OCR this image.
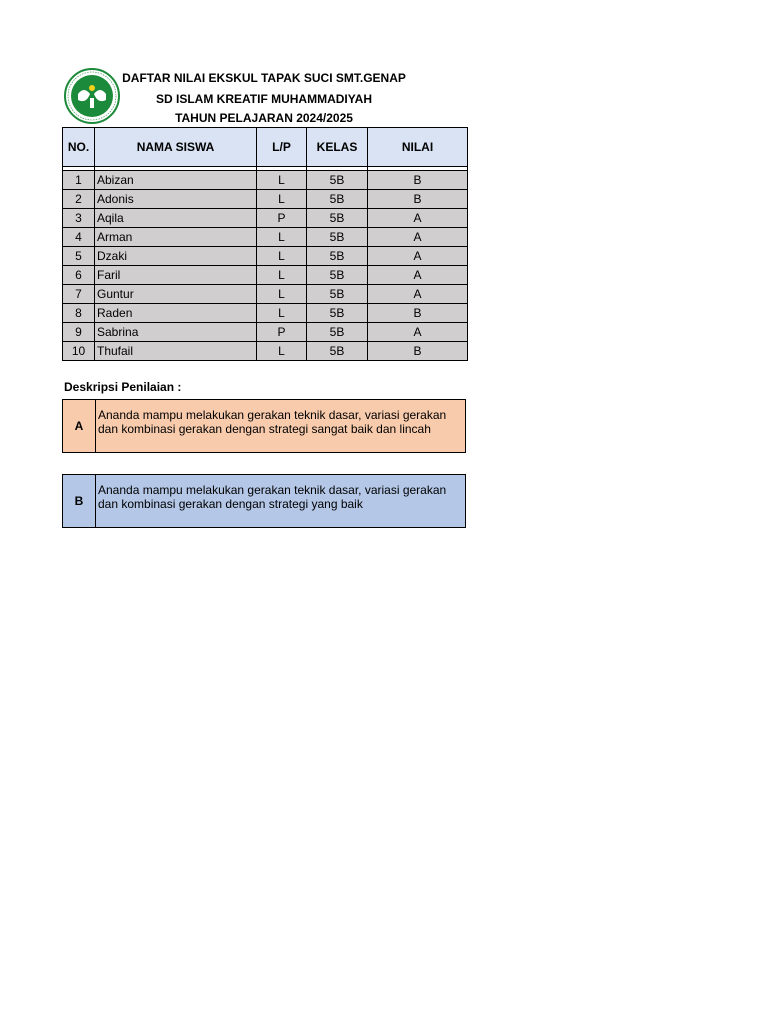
DAFTAR NILAI EKSKUL TAPAK SUCI SMT.GENAP
SD ISLAM KREATIF MUHAMMADIYAH
TAHUN PELAJARAN 2024/2025
NO.	NAMA SISWA	L/P	KELAS	NILAI

1	Abizan	L	5B	B
2	Adonis	L	5B	B
3	Aqila	P	5B	A
4	Arman	L	5B	A
5	Dzaki	L	5B	A
6	Faril	L	5B	A
7	Guntur	L	5B	A
8	Raden	L	5B	B
9	Sabrina	P	5B	A
10	Thufail	L	5B	B
Deskripsi Penilaian :
A
Ananda mampu melakukan gerakan teknik dasar, variasi gerakan
dan kombinasi gerakan dengan strategi sangat baik dan lincah
B
Ananda mampu melakukan gerakan teknik dasar, variasi gerakan
dan kombinasi gerakan dengan strategi yang baik
